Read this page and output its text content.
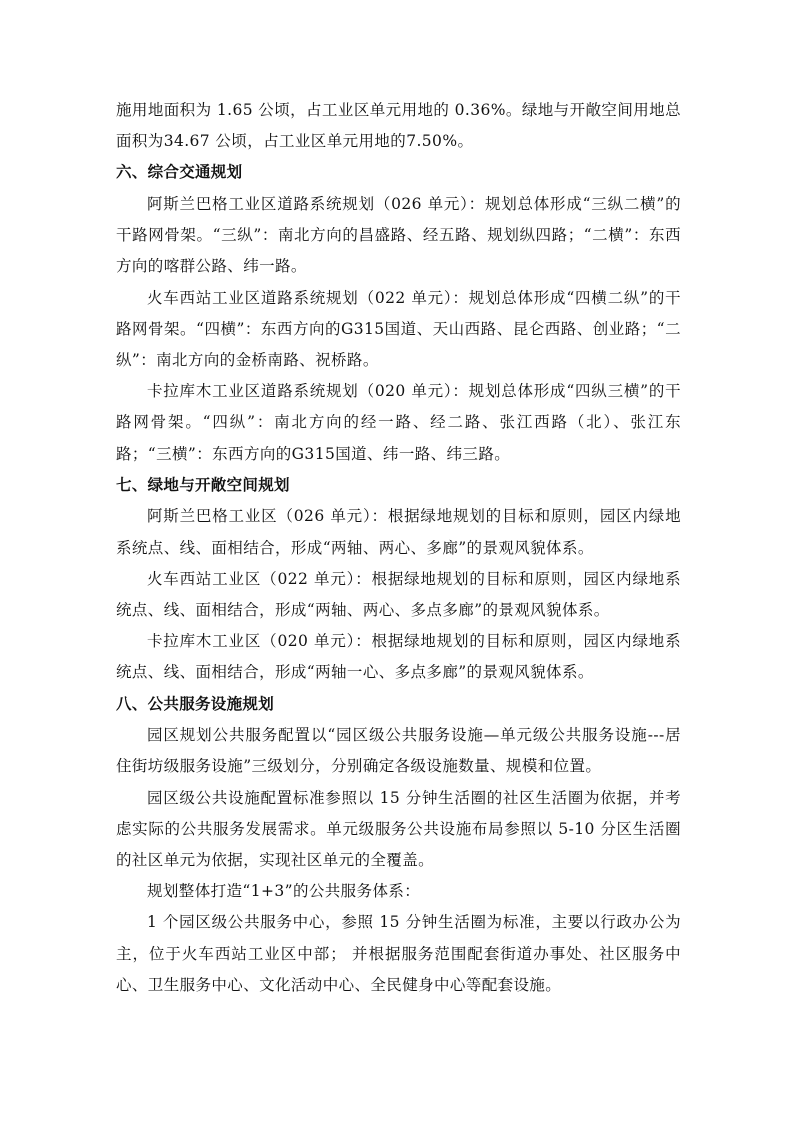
施用地面积为 1.65 公顷，占工业区单元用地的 0.36%。绿地与开敞空间用地总面积为34.67 公顷，占工业区单元用地的7.50%。

六、综合交通规划

阿斯兰巴格工业区道路系统规划（026 单元）：规划总体形成“三纵二横”的干路网骨架。“三纵”：南北方向的昌盛路、经五路、规划纵四路；“二横”：东西方向的喀群公路、纬一路。

火车西站工业区道路系统规划（022 单元）：规划总体形成“四横二纵”的干路网骨架。“四横”：东西方向的G315国道、天山西路、昆仑西路、创业路；“二纵”：南北方向的金桥南路、祝桥路。

卡拉库木工业区道路系统规划（020 单元）：规划总体形成“四纵三横”的干路网骨架。“四纵”：南北方向的经一路、经二路、张江西路（北）、张江东路；“三横”：东西方向的G315国道、纬一路、纬三路。

七、绿地与开敞空间规划

阿斯兰巴格工业区（026 单元）：根据绿地规划的目标和原则，园区内绿地系统点、线、面相结合，形成“两轴、两心、多廊”的景观风貌体系。

火车西站工业区（022 单元）：根据绿地规划的目标和原则，园区内绿地系统点、线、面相结合，形成“两轴、两心、多点多廊”的景观风貌体系。

卡拉库木工业区（020 单元）：根据绿地规划的目标和原则，园区内绿地系统点、线、面相结合，形成“两轴一心、多点多廊”的景观风貌体系。

八、公共服务设施规划

园区规划公共服务配置以“园区级公共服务设施—单元级公共服务设施---居住街坊级服务设施”三级划分，分别确定各级设施数量、规模和位置。

园区级公共设施配置标准参照以 15 分钟生活圈的社区生活圈为依据，并考虑实际的公共服务发展需求。单元级服务公共设施布局参照以 5-10 分区生活圈的社区单元为依据，实现社区单元的全覆盖。

规划整体打造“1+3”的公共服务体系：

1 个园区级公共服务中心，参照 15 分钟生活圈为标准，主要以行政办公为主，位于火车西站工业区中部； 并根据服务范围配套街道办事处、社区服务中心、卫生服务中心、文化活动中心、全民健身中心等配套设施。
